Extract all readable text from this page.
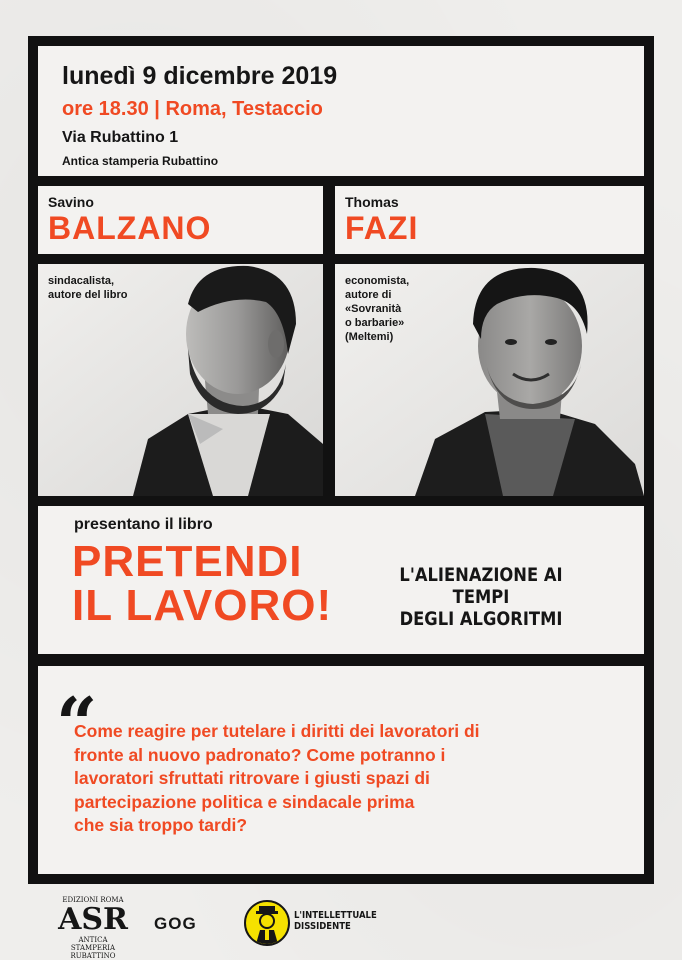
lunedì 9 dicembre 2019
ore 18.30 | Roma, Testaccio
Via Rubattino 1
Antica stamperia Rubattino
Savino
BALZANO
Thomas
FAZI
sindacalista,
autore del libro
economista,
autore di
«Sovranità
o barbarie»
(Meltemi)
presentano il libro
PRETENDI
IL LAVORO!
L'ALIENAZIONE AI TEMPI
DEGLI ALGORITMI
“
Come reagire per tutelare i diritti dei lavoratori di
fronte al nuovo padronato? Come potranno i
lavoratori sfruttati ritrovare i giusti spazi di
partecipazione politica e sindacale prima
che sia troppo tardi?
EDIZIONI ROMA
ASR
ANTICA STAMPERIA
RUBATTINO
GOG	L'INTELLETTUALE
DISSIDENTE
